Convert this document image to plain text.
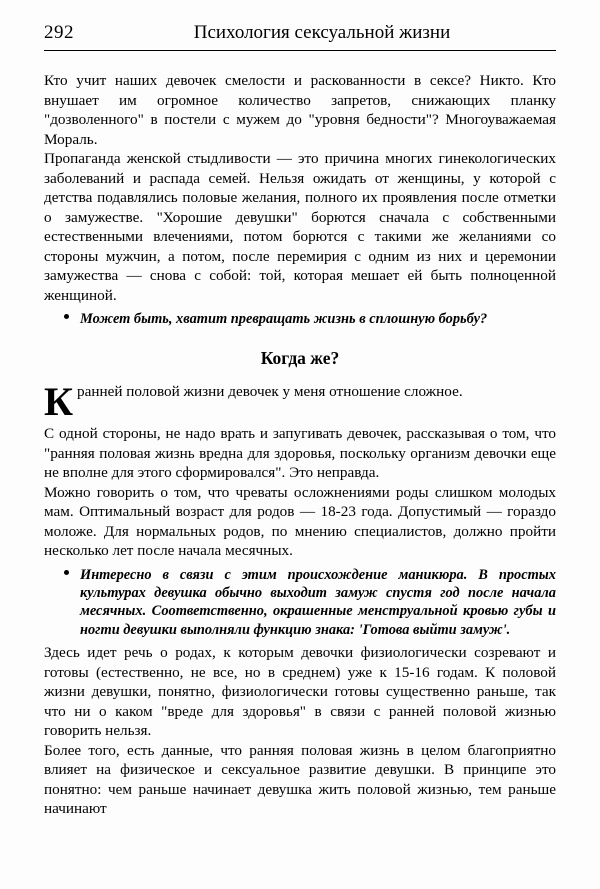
292	Психология сексуальной жизни

Кто учит наших девочек смелости и раскованности в сексе? Никто. Кто внушает им огромное количество запретов, снижающих планку "дозволенного" в постели с мужем до "уровня бедности"? Многоуважаемая Мораль.

Пропаганда женской стыдливости — это причина многих гинекологических заболеваний и распада семей. Нельзя ожидать от женщины, у которой с детства подавлялись половые желания, полного их проявления после отметки о замужестве. "Хорошие девушки" борются сначала с собственными естественными влечениями, потом борются с такими же желаниями со стороны мужчин, а потом, после перемирия с одним из них и церемонии замужества — снова с собой: той, которая мешает ей быть полноценной женщиной.

Может быть, хватит превращать жизнь в сплошную борьбу?
Когда же?

К ранней половой жизни девочек у меня отношение сложное.

С одной стороны, не надо врать и запугивать девочек, рассказывая о том, что "ранняя половая жизнь вредна для здоровья, поскольку организм девочки еще не вполне для этого сформировался". Это неправда.

Можно говорить о том, что чреваты осложнениями роды слишком молодых мам. Оптимальный возраст для родов — 18-23 года. Допустимый — гораздо моложе. Для нормальных родов, по мнению специалистов, должно пройти несколько лет после начала месячных.

Интересно в связи с этим происхождение маникюра. В простых культурах девушка обычно выходит замуж спустя год после начала месячных. Соответственно, окрашенные менструальной кровью губы и ногти девушки выполняли функцию знака: 'Готова выйти замуж'.

Здесь идет речь о родах, к которым девочки физиологически созревают и готовы (естественно, не все, но в среднем) уже к 15-16 годам. К половой жизни девушки, понятно, физиологически готовы существенно раньше, так что ни о каком "вреде для здоровья" в связи с ранней половой жизнью говорить нельзя.

Более того, есть данные, что ранняя половая жизнь в целом благоприятно влияет на физическое и сексуальное развитие девушки. В принципе это понятно: чем раньше начинает девушка жить половой жизнью, тем раньше начинают
